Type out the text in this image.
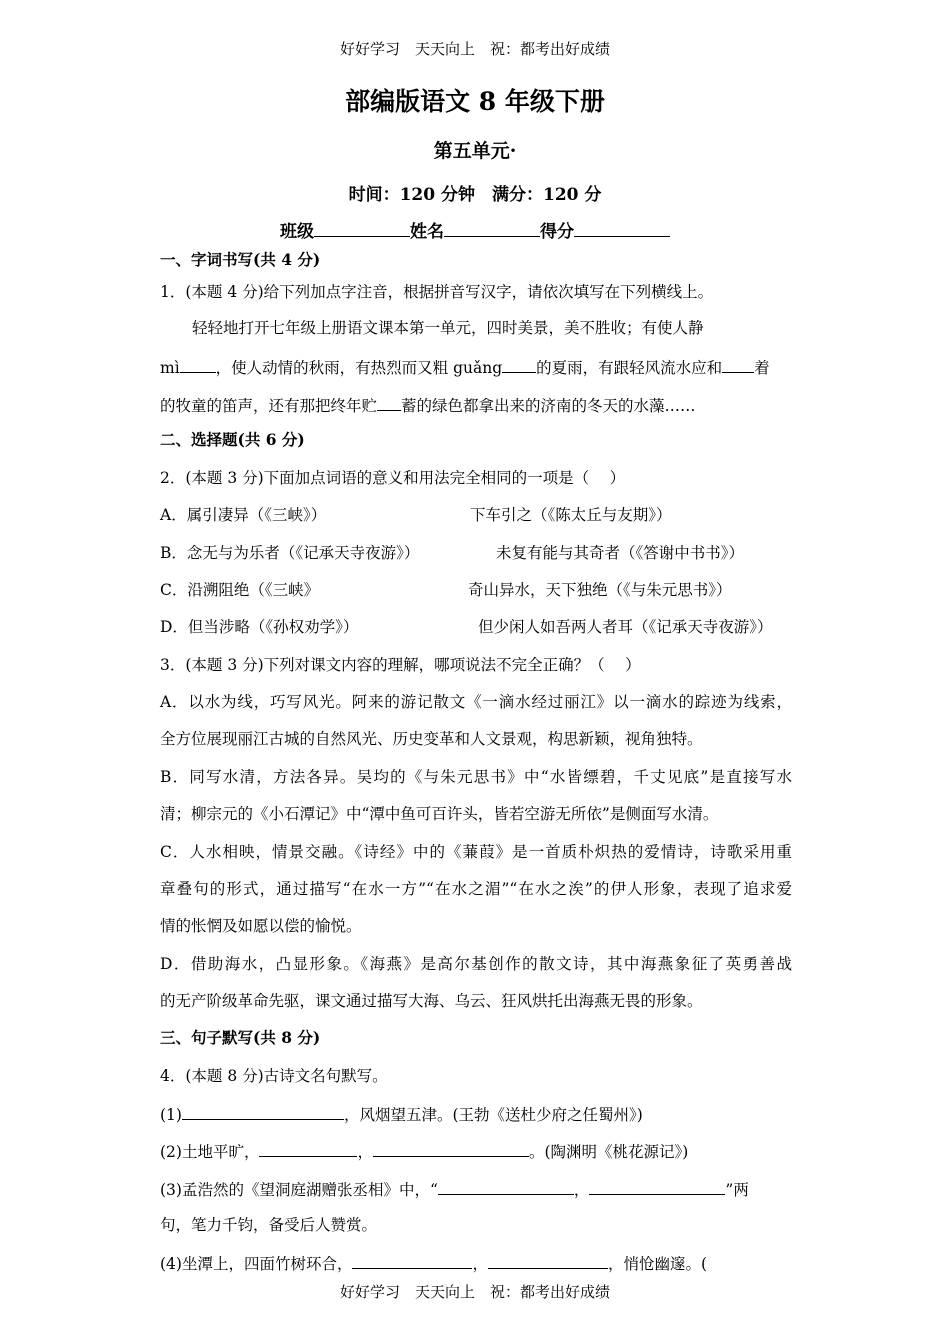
好好学习　天天向上　祝：都考出好成绩
部编版语文 8 年级下册
第五单元·
时间：120 分钟　满分：120 分
班级	姓名	得分
一、字词书写(共 4 分)
1．(本题 4 分)给下列加点字注音，根据拼音写汉字，请依次填写在下列横线上。
轻轻地打开七年级上册语文课本第一单元，四时美景，美不胜收；有使人静
mì ，使人动情的秋雨，有热烈而又粗 guǎng 的夏雨，有跟轻风流水应和 着
的牧童的笛声，还有那把终年贮 蓄的绿色都拿出来的济南的冬天的水藻……
二、选择题(共 6 分)
2．(本题 3 分)下面加点词语的意义和用法完全相同的一项是（　 ）
A．属引凄异（《三峡》）	下车引之（《陈太丘与友期》）
B．念无与为乐者（《记承天寺夜游》）	未复有能与其奇者（《答谢中书书》）
C．沿溯阻绝（《三峡》	奇山异水，天下独绝（《与朱元思书》）
D．但当涉略（《孙权劝学》）	但少闲人如吾两人者耳（《记承天寺夜游》）
3．(本题 3 分)下列对课文内容的理解，哪项说法不完全正确？（　 ）
A．以水为线，巧写风光。阿来的游记散文《一滴水经过丽江》以一滴水的踪迹为线索，
全方位展现丽江古城的自然风光、历史变革和人文景观，构思新颖，视角独特。
B．同写水清，方法各异。吴均的《与朱元思书》中“水皆缥碧，千丈见底”是直接写水
清；柳宗元的《小石潭记》中“潭中鱼可百许头，皆若空游无所依”是侧面写水清。
C．人水相映，情景交融。《诗经》中的《蒹葭》是一首质朴炽热的爱情诗，诗歌采用重
章叠句的形式，通过描写“在水一方”“在水之湄”“在水之涘”的伊人形象，表现了追求爱
情的怅惘及如愿以偿的愉悦。
D．借助海水，凸显形象。《海燕》是高尔基创作的散文诗，其中海燕象征了英勇善战
的无产阶级革命先驱，课文通过描写大海、乌云、狂风烘托出海燕无畏的形象。
三、句子默写(共 8 分)
4．(本题 8 分)古诗文名句默写。
(1)	，风烟望五津。(王勃《送杜少府之任蜀州》)
(2)土地平旷，	，	。(陶渊明《桃花源记》)
(3)孟浩然的《望洞庭湖赠张丞相》中，“	，	”两
句，笔力千钧，备受后人赞赏。
(4)坐潭上，四面竹树环合，	，	，悄怆幽邃。(
好好学习　天天向上　祝：都考出好成绩
